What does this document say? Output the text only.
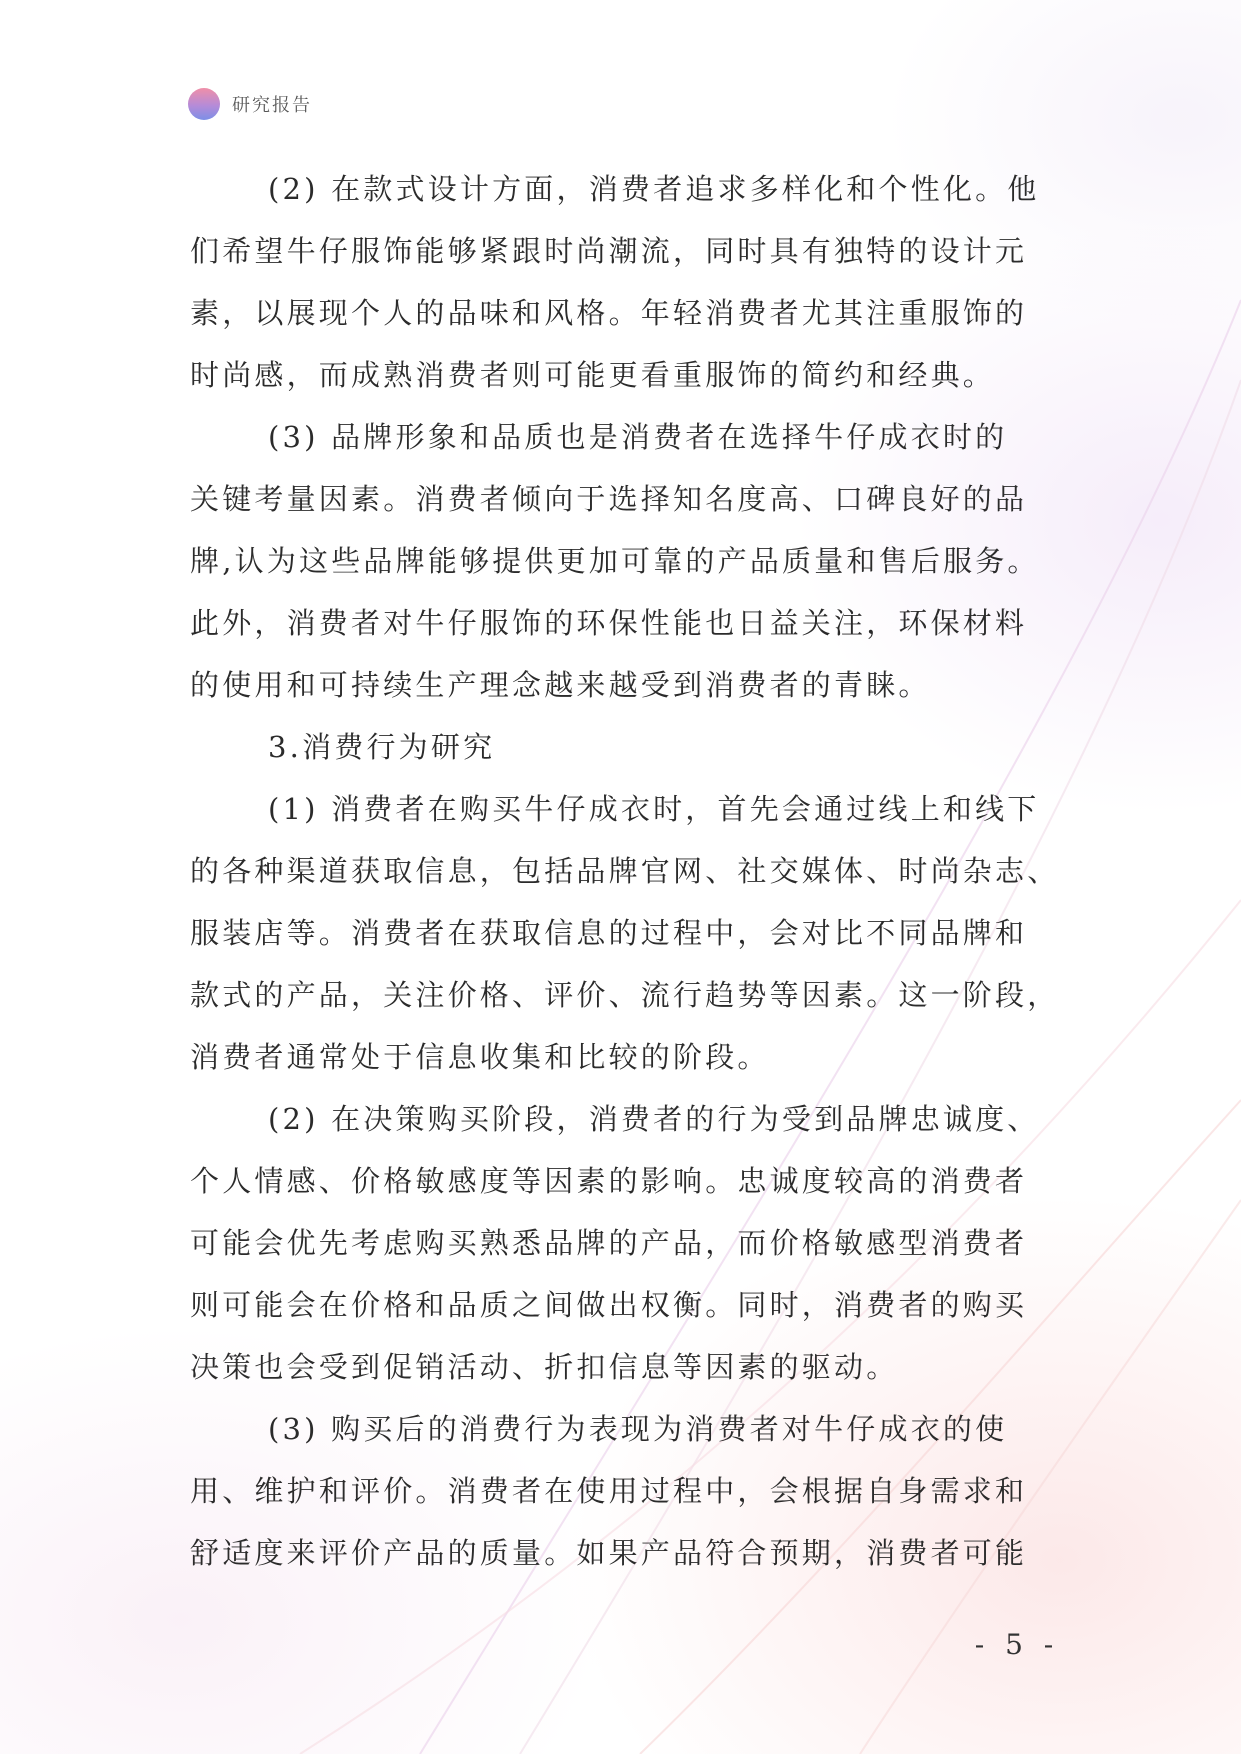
研究报告
(2) 在款式设计方面，消费者追求多样化和个性化。他
们希望牛仔服饰能够紧跟时尚潮流，同时具有独特的设计元
素，以展现个人的品味和风格。年轻消费者尤其注重服饰的
时尚感，而成熟消费者则可能更看重服饰的简约和经典。
(3) 品牌形象和品质也是消费者在选择牛仔成衣时的
关键考量因素。消费者倾向于选择知名度高、口碑良好的品
牌,认为这些品牌能够提供更加可靠的产品质量和售后服务。
此外，消费者对牛仔服饰的环保性能也日益关注，环保材料
的使用和可持续生产理念越来越受到消费者的青睐。
3.消费行为研究
(1) 消费者在购买牛仔成衣时，首先会通过线上和线下
的各种渠道获取信息，包括品牌官网、社交媒体、时尚杂志、
服装店等。消费者在获取信息的过程中，会对比不同品牌和
款式的产品，关注价格、评价、流行趋势等因素。这一阶段，
消费者通常处于信息收集和比较的阶段。
(2) 在决策购买阶段，消费者的行为受到品牌忠诚度、
个人情感、价格敏感度等因素的影响。忠诚度较高的消费者
可能会优先考虑购买熟悉品牌的产品，而价格敏感型消费者
则可能会在价格和品质之间做出权衡。同时，消费者的购买
决策也会受到促销活动、折扣信息等因素的驱动。
(3) 购买后的消费行为表现为消费者对牛仔成衣的使
用、维护和评价。消费者在使用过程中，会根据自身需求和
舒适度来评价产品的质量。如果产品符合预期，消费者可能
- 5 -
